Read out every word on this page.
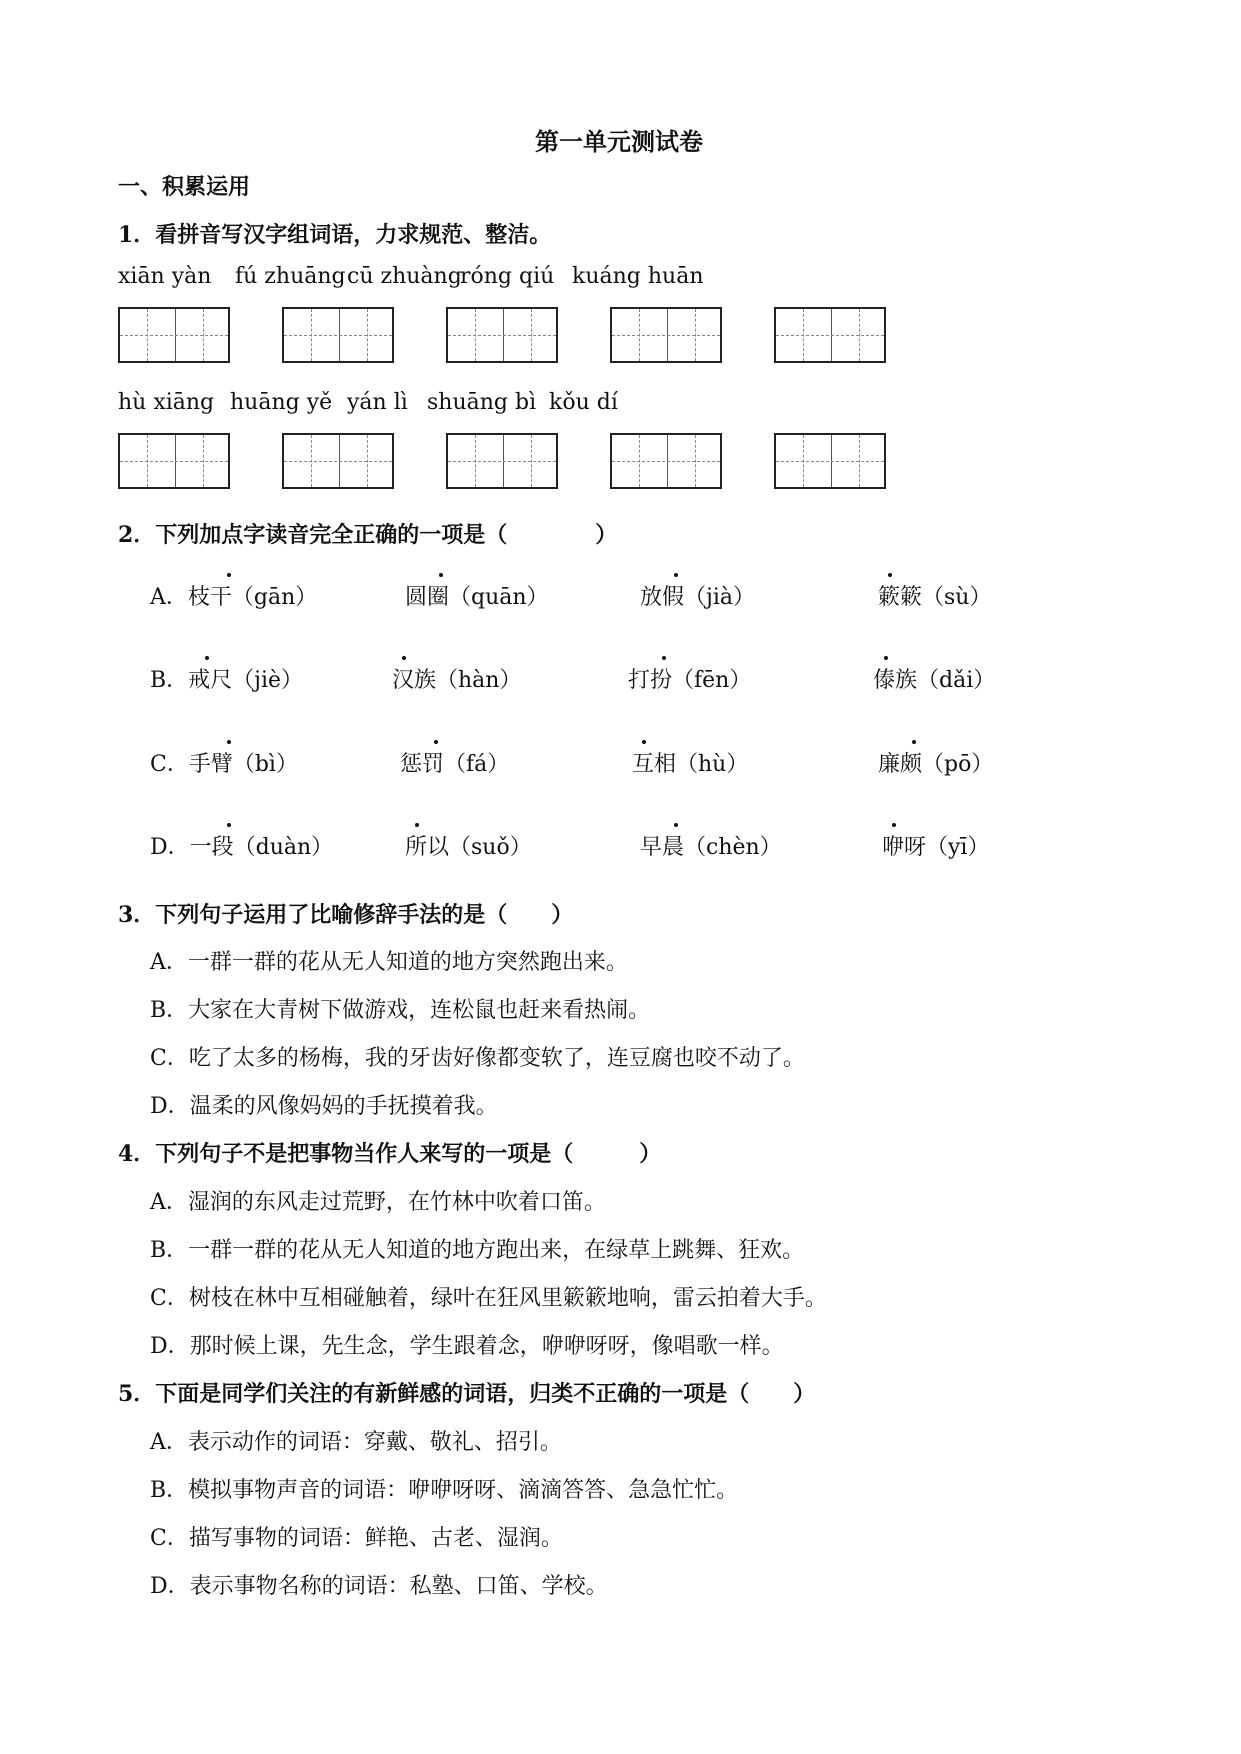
第一单元测试卷
一、积累运用
1．看拼音写汉字组词语，力求规范、整洁。
xiān yàn fú zhuāng cū zhuàng
róng qiú kuáng huān
hù xiāng huāng yě yán lì shuāng bì kǒu dí
2．下列加点字读音完全正确的一项是（　　　　）
A．枝干（gān）	圆圈（quān）	放假（jià）	簌簌（sù）
B．戒尺（jiè）	汉族（hàn）	打扮（fēn）	傣族（dǎi）
C．手臂（bì）	惩罚（fá）	互相（hù）	廉颇（pō）
D．一段（duàn）	所以（suǒ）	早晨（chèn）	咿呀（yī）
3．下列句子运用了比喻修辞手法的是（　　）
A．一群一群的花从无人知道的地方突然跑出来。
B．大家在大青树下做游戏，连松鼠也赶来看热闹。
C．吃了太多的杨梅，我的牙齿好像都变软了，连豆腐也咬不动了。
D．温柔的风像妈妈的手抚摸着我。
4．下列句子不是把事物当作人来写的一项是（　　　）
A．湿润的东风走过荒野，在竹林中吹着口笛。
B．一群一群的花从无人知道的地方跑出来，在绿草上跳舞、狂欢。
C．树枝在林中互相碰触着，绿叶在狂风里簌簌地响，雷云拍着大手。
D．那时候上课，先生念，学生跟着念，咿咿呀呀，像唱歌一样。
5．下面是同学们关注的有新鲜感的词语，归类不正确的一项是（　　）
A．表示动作的词语：穿戴、敬礼、招引。
B．模拟事物声音的词语：咿咿呀呀、滴滴答答、急急忙忙。
C．描写事物的词语：鲜艳、古老、湿润。
D．表示事物名称的词语：私塾、口笛、学校。
